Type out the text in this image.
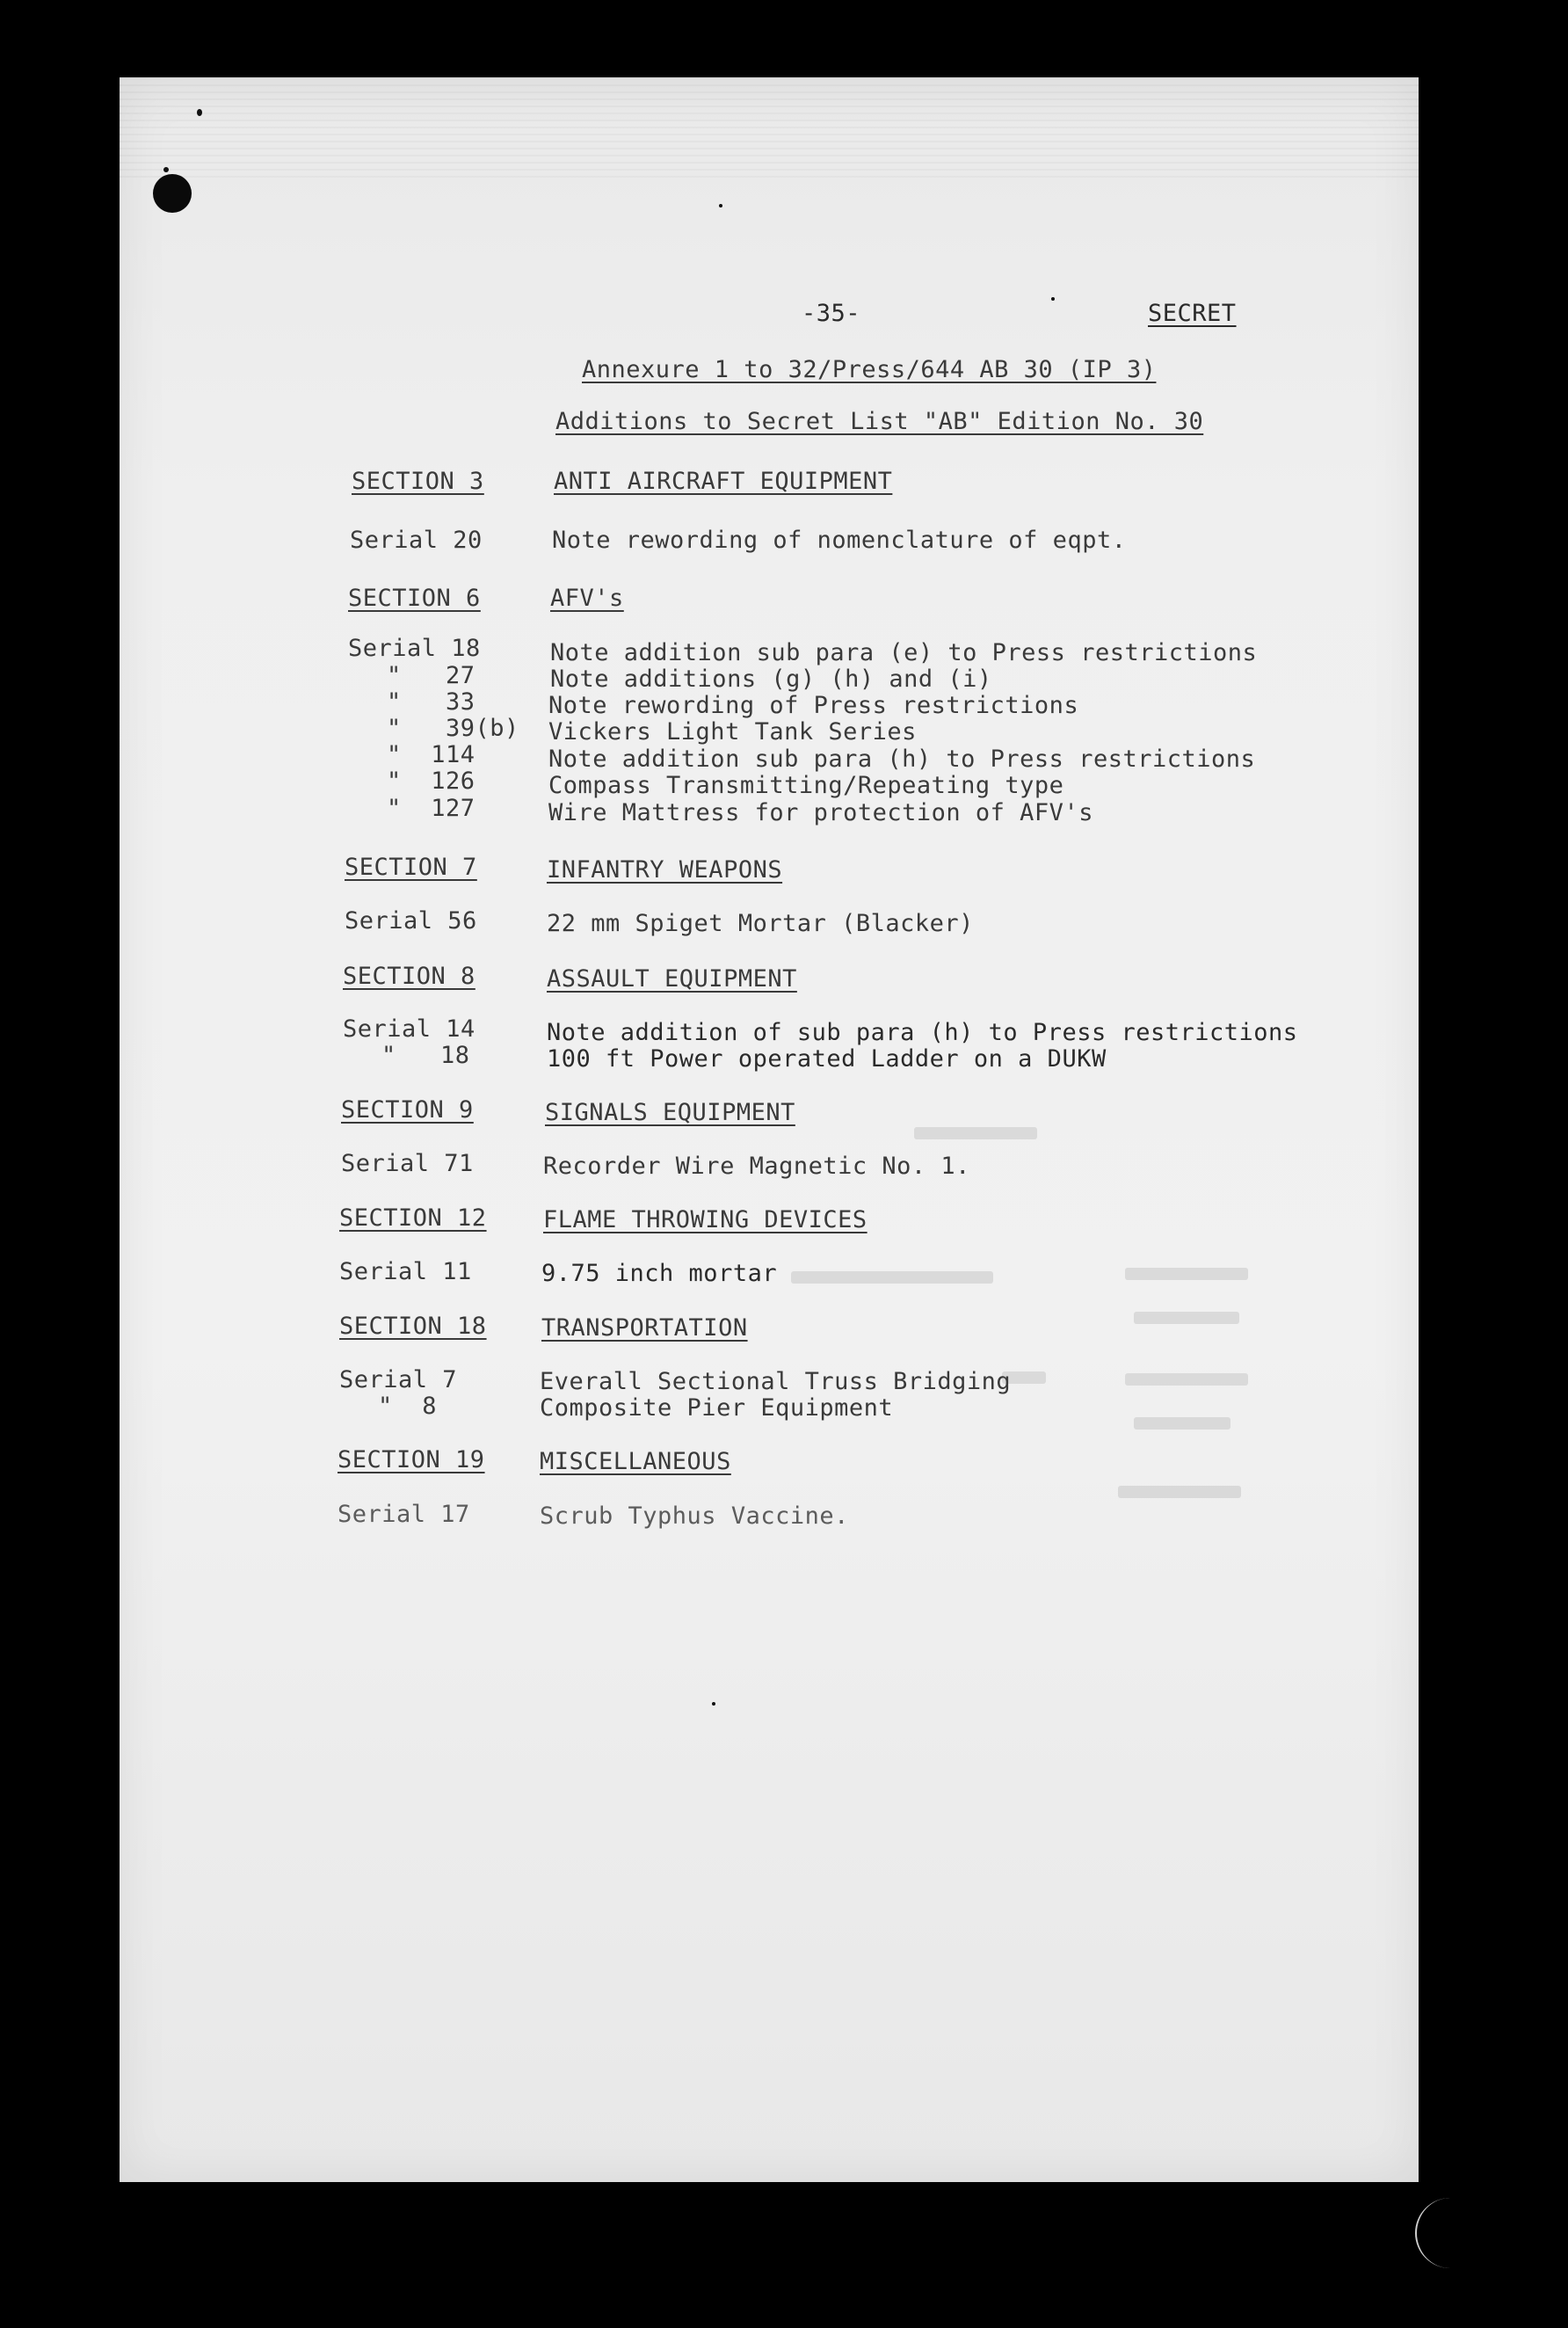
-35-	SECRET
Annexure 1 to 32/Press/644 AB 30 (IP 3)
Additions to Secret List "AB" Edition No. 30
SECTION 3	ANTI AIRCRAFT EQUIPMENT
Serial 20	Note rewording of nomenclature of eqpt.
SECTION 6	AFV's
Serial 18	Note addition sub para (e) to Press restrictions
"   27	Note additions (g) (h) and (i)
"   33	Note rewording of Press restrictions
"   39(b) Vickers Light Tank Series
"  114	Note addition sub para (h) to Press restrictions
"  126	Compass Transmitting/Repeating type
"  127	Wire Mattress for protection of AFV's
SECTION 7	INFANTRY WEAPONS
Serial 56	22 mm Spiget Mortar (Blacker)
SECTION 8	ASSAULT EQUIPMENT
Serial 14	Note addition of sub para (h) to Press restrictions
"   18	100 ft Power operated Ladder on a DUKW
SECTION 9	SIGNALS EQUIPMENT
Serial 71	Recorder Wire Magnetic No. 1.
SECTION 12 FLAME THROWING DEVICES
Serial 11	9.75 inch mortar
SECTION 18 TRANSPORTATION
Serial 7	Everall Sectional Truss Bridging
"  8	Composite Pier Equipment
SECTION 19 MISCELLANEOUS
Serial 17	Scrub Typhus Vaccine.
